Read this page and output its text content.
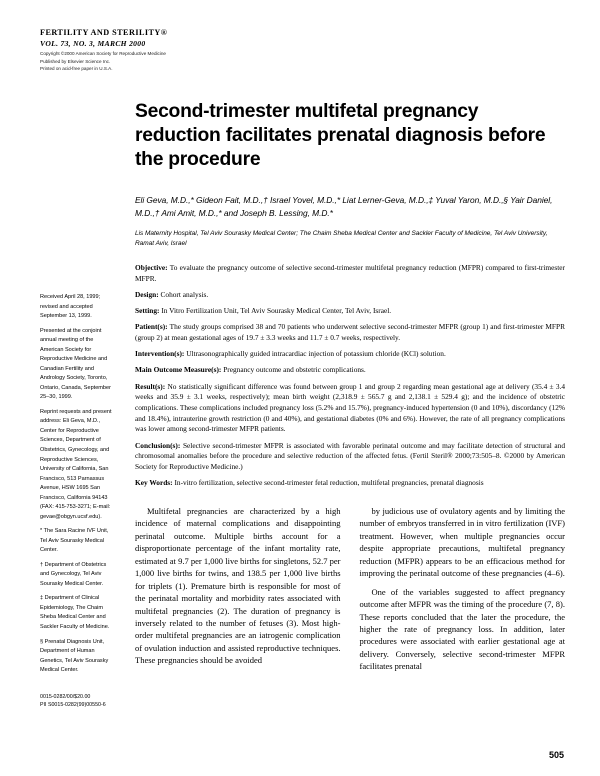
FERTILITY AND STERILITY®
VOL. 73, NO. 3, MARCH 2000
Copyright ©2000 American Society for Reproductive Medicine
Published by Elsevier Science Inc.
Printed on acid-free paper in U.S.A.
Second-trimester multifetal pregnancy reduction facilitates prenatal diagnosis before the procedure
Eli Geva, M.D.,* Gideon Fait, M.D.,† Israel Yovel, M.D.,* Liat Lerner-Geva, M.D.,‡ Yuval Yaron, M.D.,§ Yair Daniel, M.D.,† Ami Amit, M.D.,* and Joseph B. Lessing, M.D.*
Lis Maternity Hospital, Tel Aviv Sourasky Medical Center; The Chaim Sheba Medical Center and Sackler Faculty of Medicine, Tel Aviv University, Ramat Aviv, Israel
Objective: To evaluate the pregnancy outcome of selective second-trimester multifetal pregnancy reduction (MFPR) compared to first-trimester MFPR.
Design: Cohort analysis.
Setting: In Vitro Fertilization Unit, Tel Aviv Sourasky Medical Center, Tel Aviv, Israel.
Patient(s): The study groups comprised 38 and 70 patients who underwent selective second-trimester MFPR (group 1) and first-trimester MFPR (group 2) at mean gestational ages of 19.7 ± 3.3 weeks and 11.7 ± 0.7 weeks, respectively.
Intervention(s): Ultrasonographically guided intracardiac injection of potassium chloride (KCl) solution.
Main Outcome Measure(s): Pregnancy outcome and obstetric complications.
Result(s): No statistically significant difference was found between group 1 and group 2 regarding mean gestational age at delivery (35.4 ± 3.4 weeks and 35.9 ± 3.1 weeks, respectively); mean birth weight (2,318.9 ± 565.7 g and 2,138.1 ± 529.4 g); and the incidence of obstetric complications. These complications included pregnancy loss (5.2% and 15.7%), pregnancy-induced hypertension (0 and 10%), discordancy (12% and 18.4%), intrauterine growth restriction (0 and 40%), and gestational diabetes (0% and 6%). However, the rate of all pregnancy complications was lower among second-trimester MFPR patients.
Conclusion(s): Selective second-trimester MFPR is associated with favorable perinatal outcome and may facilitate detection of structural and chromosomal anomalies before the procedure and selective reduction of the affected fetus. (Fertil Steril® 2000;73:505–8. ©2000 by American Society for Reproductive Medicine.)
Key Words: In-vitro fertilization, selective second-trimester fetal reduction, multifetal pregnancies, prenatal diagnosis

Received April 28, 1999; revised and accepted September 13, 1999.

Presented at the conjoint annual meeting of the American Society for Reproductive Medicine and Canadian Fertility and Andrology Society, Toronto, Ontario, Canada, September 25–30, 1999.

Reprint requests and present address: Eli Geva, M.D., Center for Reproductive Sciences, Department of Obstetrics, Gynecology, and Reproductive Sciences, University of California, San Francisco, 513 Parnassus Avenue, HSW 1695 San Francisco, California 94143 (FAX: 415-753-3271; E-mail: gevae@obgyn.ucsf.edu).

* The Sara Racine IVF Unit, Tel Aviv Sourasky Medical Center.

† Department of Obstetrics and Gynecology, Tel Aviv Sourasky Medical Center.

‡ Department of Clinical Epidemiology, The Chaim Sheba Medical Center and Sackler Faculty of Medicine.

§ Prenatal Diagnosis Unit, Department of Human Genetics, Tel Aviv Sourasky Medical Center.

0015-0282/00/$20.00
PII S0015-0282(99)00550-6

Multifetal pregnancies are characterized by a high incidence of maternal complications and disappointing perinatal outcome. Multiple births account for a disproportionate percentage of the infant mortality rate, estimated at 9.7 per 1,000 live births for singletons, 52.7 per 1,000 live births for twins, and 138.5 per 1,000 live births for triplets (1). Premature birth is responsible for most of the perinatal mortality and morbidity rates associated with multifetal pregnancies (2). The duration of pregnancy is inversely related to the number of fetuses (3). Most high-order multifetal pregnancies are an iatrogenic complication of ovulation induction and assisted reproductive techniques. These pregnancies should be avoided

by judicious use of ovulatory agents and by limiting the number of embryos transferred in in vitro fertilization (IVF) treatment. However, when multiple pregnancies occur despite appropriate precautions, multifetal pregnancy reduction (MFPR) appears to be an efficacious method for improving the perinatal outcome of these pregnancies (4–6).

One of the variables suggested to affect pregnancy outcome after MFPR was the timing of the procedure (7, 8). These reports concluded that the later the procedure, the higher the rate of pregnancy loss. In addition, later procedures were associated with earlier gestational age at delivery. Conversely, selective second-trimester MFPR facilitates prenatal

505
